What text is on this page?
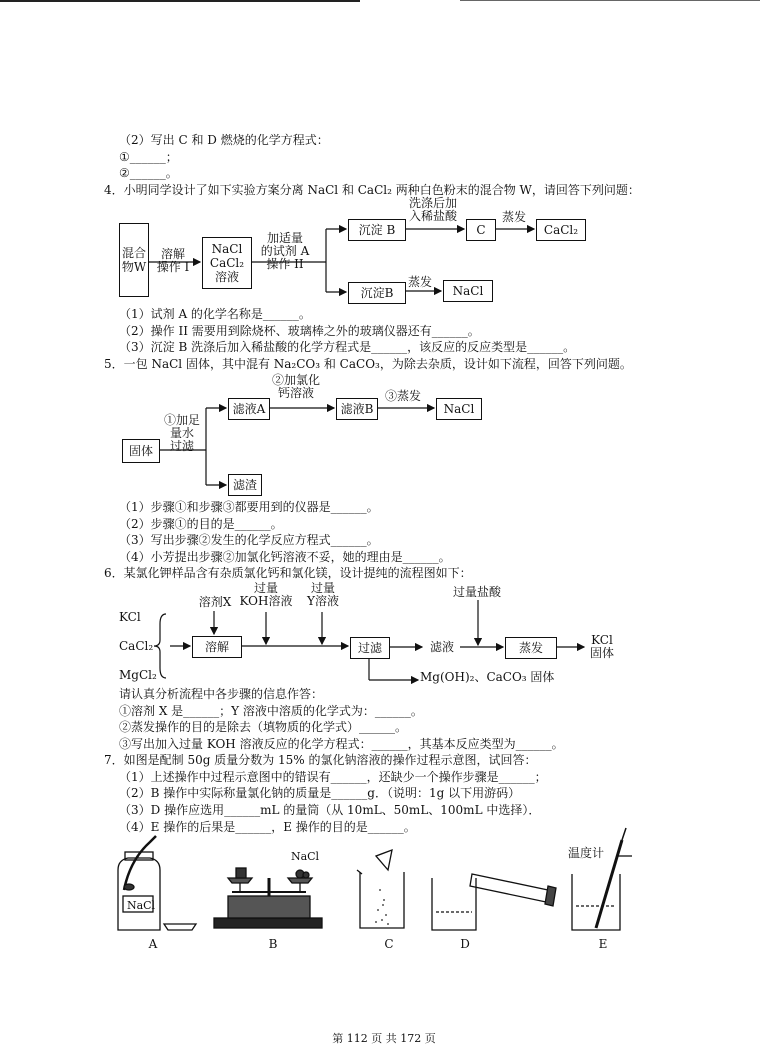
（2）写出 C 和 D 燃烧的化学方程式：
①______；
②______。
4．小明同学设计了如下实验方案分离 NaCl 和 CaCl₂ 两种白色粉末的混合物 W，请回答下列问题：
混合物W
溶解
操作 I
NaCl
CaCl₂
溶液
加适量
的试剂 A
操作 II
沉淀 B
洗涤后加
入稀盐酸
C
蒸发
CaCl₂
沉淀B
蒸发
NaCl
（1）试剂 A 的化学名称是______。
（2）操作 II 需要用到除烧杯、玻璃棒之外的玻璃仪器还有______。
（3）沉淀 B 洗涤后加入稀盐酸的化学方程式是______，该反应的反应类型是______。
5．一包 NaCl 固体，其中混有 Na₂CO₃ 和 CaCO₃，为除去杂质，设计如下流程，回答下列问题。
固体
①加足
量水
过滤
滤液A
②加氯化
钙溶液
滤液B
③蒸发
NaCl
滤渣
（1）步骤①和步骤③都要用到的仪器是______。
（2）步骤①的目的是______。
（3）写出步骤②发生的化学反应方程式______。
（4）小芳提出步骤②加氯化钙溶液不妥，她的理由是______。
6．某氯化钾样品含有杂质氯化钙和氯化镁，设计提纯的流程图如下：
KCl
CaCl₂
MgCl₂
溶剂X
过量
KOH溶液
过量
Y溶液
过量盐酸
溶解	过滤	滤液	蒸发
KCl
固体
Mg(OH)₂、CaCO₃ 固体
请认真分析流程中各步骤的信息作答：
①溶剂 X 是______；Y 溶液中溶质的化学式为：______。
②蒸发操作的目的是除去（填物质的化学式）______。
③写出加入过量 KOH 溶液反应的化学方程式：______，其基本反应类型为______。
7．如图是配制 50g 质量分数为 15% 的氯化钠溶液的操作过程示意图，试回答：
（1）上述操作中过程示意图中的错误有______，还缺少一个操作步骤是______；
（2）B 操作中实际称量氯化钠的质量是______g．（说明：1g 以下用游码）
（3）D 操作应选用______mL 的量筒（从 10mL、50mL、100mL 中选择）．
（4）E 操作的后果是______，E 操作的目的是______。
NaCl
NaCl	温度计
A	B	C	D	E
第 112 页 共 172 页
